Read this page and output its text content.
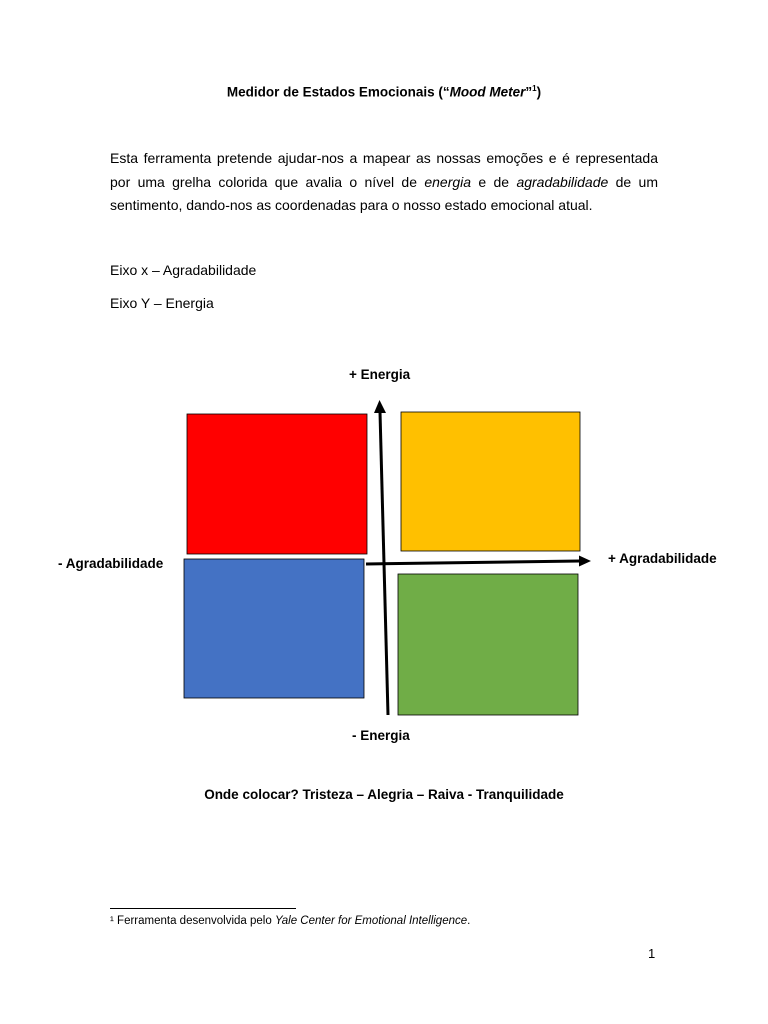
Medidor de Estados Emocionais (“Mood Meter”$^1$)

Esta ferramenta pretende ajudar-nos a mapear as nossas emoções e é representada por uma grelha colorida que avalia o nível de energia e de agradabilidade de um sentimento, dando-nos as coordenadas para o nosso estado emocional atual.

Eixo x – Agradabilidade

Eixo Y – Energia

+ Energia
- Energia
- Agradabilidade	+ Agradabilidade
Onde colocar? Tristeza – Alegria – Raiva - Tranquilidade
¹ Ferramenta desenvolvida pelo Yale Center for Emotional Intelligence.
1
